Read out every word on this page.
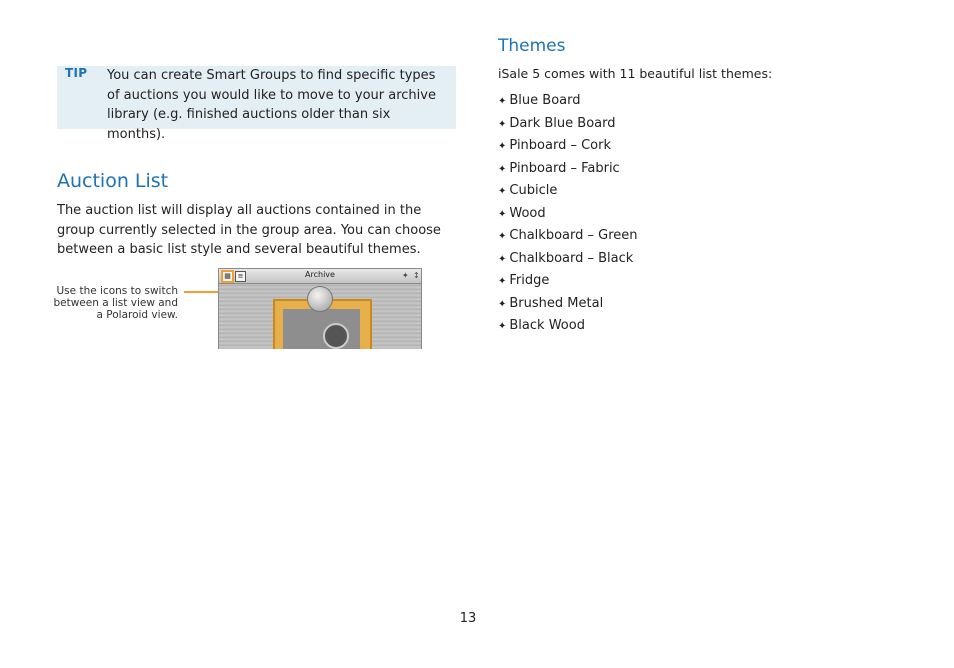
TIP You can create Smart Groups to find specific types of auctions you would like to move to your archive library (e.g. finished auctions older than six months).
Auction List

The auction list will display all auctions contained in the group currently selected in the group area. You can choose between a basic list style and several beautiful themes.

Use the icons to switch between a list view and a Polaroid view.
▦ ≡	Archive	✦ ↕
Themes
iSale 5 comes with 11 beautiful list themes:
✦ Blue Board
✦ Dark Blue Board
✦ Pinboard – Cork
✦ Pinboard – Fabric
✦ Cubicle
✦ Wood
✦ Chalkboard – Green
✦ Chalkboard – Black
✦ Fridge
✦ Brushed Metal
✦ Black Wood
13
